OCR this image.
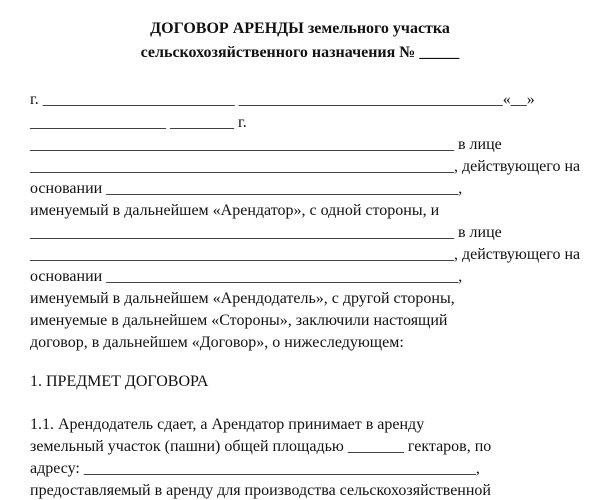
ДОГОВОР АРЕНДЫ земельного участка
сельскохозяйственного назначения № _____
г. ________________________ _________________________________«__»
_________________ ________ г.
_____________________________________________________ в лице
_____________________________________________________, действующего на
основании ____________________________________________,
именуемый в дальнейшем «Арендатор», с одной стороны, и
_____________________________________________________ в лице
_____________________________________________________, действующего на
основании ____________________________________________,
именуемый в дальнейшем «Арендодатель», с другой стороны,
именуемые в дальнейшем «Стороны», заключили настоящий
договор, в дальнейшем «Договор», о нижеследующем:
1. ПРЕДМЕТ ДОГОВОРА
1.1. Арендодатель сдает, а Арендатор принимает в аренду
земельный участок (пашни) общей площадью _______ гектаров, по
адресу: _________________________________________________,
предоставляемый в аренду для производства сельскохозяйственной
